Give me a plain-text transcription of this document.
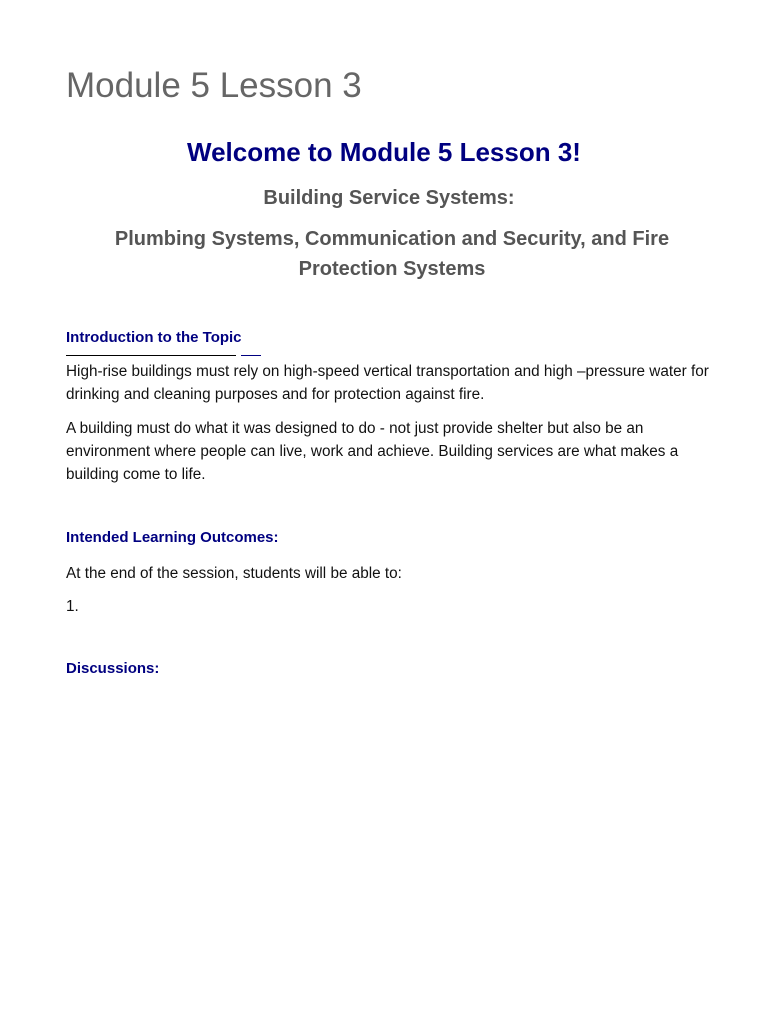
Module 5 Lesson 3
Welcome to Module 5 Lesson 3!
Building Service Systems:
Plumbing Systems, Communication and Security, and Fire Protection Systems
Introduction to the Topic

High-rise buildings must rely on high-speed vertical transportation and high –pressure water for drinking and cleaning purposes and for protection against fire.

A building must do what it was designed to do - not just provide shelter but also be an environment where people can live, work and achieve. Building services are what makes a building come to life.

Intended Learning Outcomes:

At the end of the session, students will be able to:

1.

Discussions:
